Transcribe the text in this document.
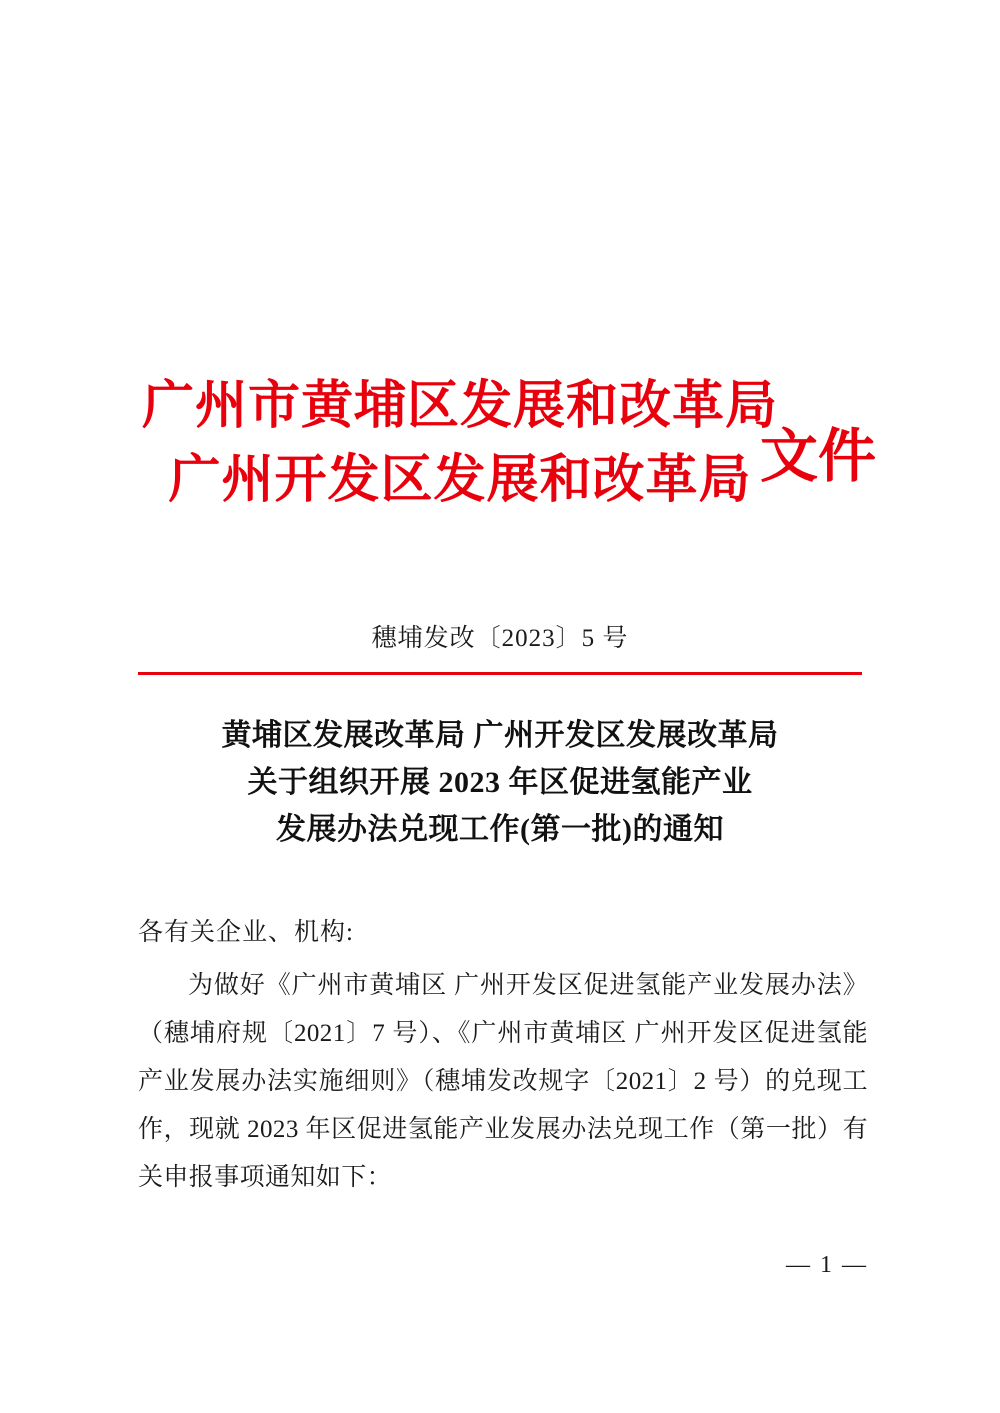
广州市黄埔区发展和改革局
广州开发区发展和改革局 文件
穗埔发改〔2023〕5 号
黄埔区发展改革局 广州开发区发展改革局
关于组织开展 2023 年区促进氢能产业
发展办法兑现工作(第一批)的通知
各有关企业、机构:
为做好《广州市黄埔区 广州开发区促进氢能产业发展办法》（穗埔府规〔2021〕7 号）、《广州市黄埔区 广州开发区促进氢能产业发展办法实施细则》（穗埔发改规字〔2021〕2 号）的兑现工作，现就 2023 年区促进氢能产业发展办法兑现工作（第一批）有关申报事项通知如下：
— 1 —
